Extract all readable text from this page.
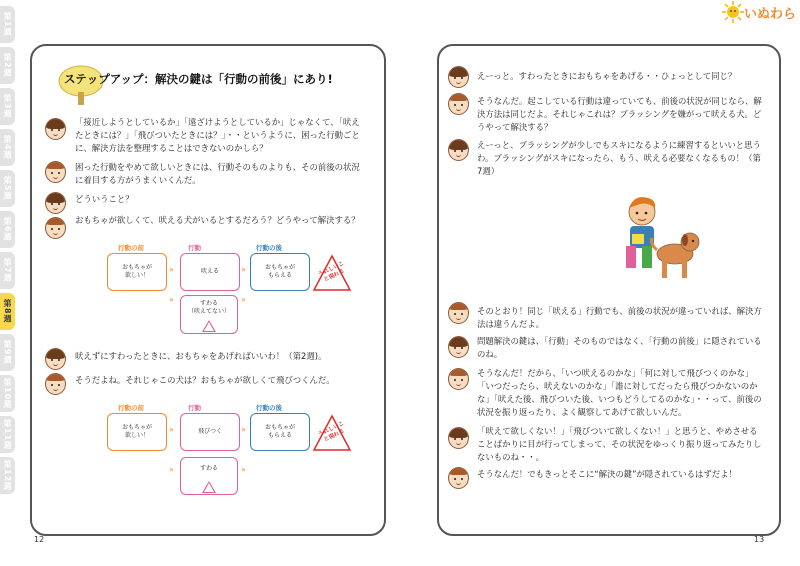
第1週
第2週
第3週
第4週
第5週
第6週
第7週
第8週
第9週
第10週
第11週
第12週
いぬわら
ステップアップ：解決の鍵は「行動の前後」にあり!
「接近しようとしているか」「遠ざけようとしているか」じゃなくて、「吠えたときには？」「飛びついたときには？」・・というように、困った行動ごとに、解決方法を整理することはできないのかしら？
困った行動をやめて欲しいときには、行動そのものよりも、その前後の状況に着目する方がうまくいくんだ。
どういうこと？
おもちゃが欲しくて、吠える犬がいるとするだろう？どうやって解決する？
行動の前	行動	行動の後
おもちゃが
欲しい！
吠える
おもちゃが
もらえる
»	»
»	»
すわる
（吠えてない）
うれしいこと現れる
吠えずにすわったときに、おもちゃをあげればいいわ！（第2週)。
そうだよね。それじゃこの犬は？おもちゃが欲しくて飛びつくんだ。
行動の前	行動	行動の後
おもちゃが
欲しい！
飛びつく
おもちゃが
もらえる
»	»
»	»
すわる
うれしいこと現れる
12
えーっと。すわったときにおもちゃをあげる・・ひょっとして同じ？
そうなんだ。起こしている行動は違っていても、前後の状況が同じなら、解決方法は同じだよ。それじゃこれは？ブラッシングを嫌がって吠える犬。どうやって解決する？
えーっと、ブラッシングが少しでもスキになるように練習するといいと思うわ。ブラッシングがスキになったら、もう、吠える必要なくなるもの！（第7週）
そのとおり！同じ「吠える」行動でも、前後の状況が違っていれば、解決方法は違うんだよ。
問題解決の鍵は、「行動」そのものではなく、「行動の前後」に隠されているのね。
そうなんだ！だから、「いつ吠えるのかな」「何に対して飛びつくのかな」「いつだったら、吠えないのかな」「誰に対してだったら飛びつかないのかな」「吠えた後、飛びついた後、いつもどうしてるのかな」・・って、前後の状況を振り返ったり、よく観察してあげて欲しいんだ。
「吠えて欲しくない！」「飛びついて欲しくない！」と思うと、やめさせることばかりに目が行ってしまって、その状況をゆっくり振り返ってみたりしないものね・・。
そうなんだ！でもきっとそこに“解決の鍵”が隠されているはずだよ！
13
